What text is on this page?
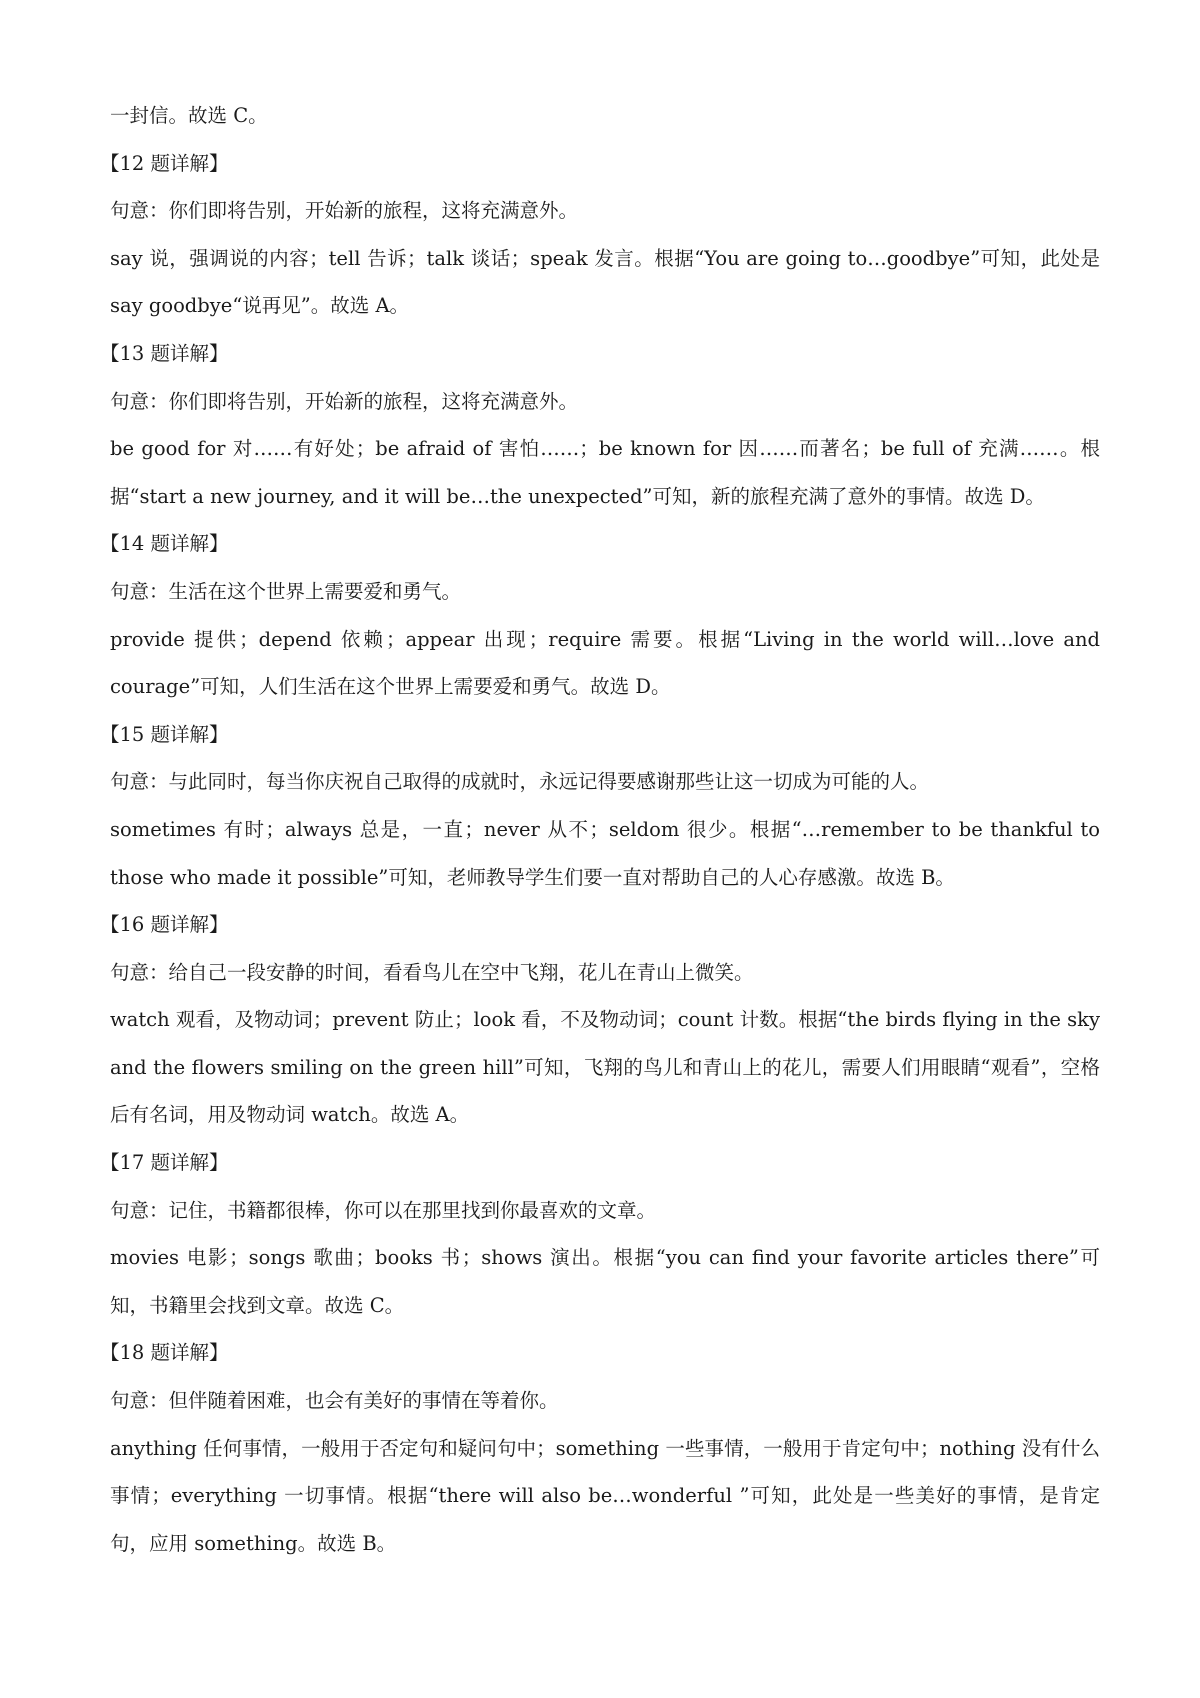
一封信。故选 C。

【12 题详解】

句意：你们即将告别，开始新的旅程，这将充满意外。

say 说，强调说的内容；tell 告诉；talk 谈话；speak 发言。根据“You are going to…goodbye”可知，此处是 say goodbye“说再见”。故选 A。

【13 题详解】

句意：你们即将告别，开始新的旅程，这将充满意外。

be good for 对……有好处；be afraid of 害怕……；be known for 因……而著名；be full of 充满……。根据“start a new journey, and it will be…the unexpected”可知，新的旅程充满了意外的事情。故选 D。

【14 题详解】

句意：生活在这个世界上需要爱和勇气。

provide 提供；depend 依赖；appear 出现；require 需要。根据“Living in the world will…love and courage”可知，人们生活在这个世界上需要爱和勇气。故选 D。

【15 题详解】

句意：与此同时，每当你庆祝自己取得的成就时，永远记得要感谢那些让这一切成为可能的人。

sometimes 有时；always 总是，一直；never 从不；seldom 很少。根据“…remember to be thankful to those who made it possible”可知，老师教导学生们要一直对帮助自己的人心存感激。故选 B。

【16 题详解】

句意：给自己一段安静的时间，看看鸟儿在空中飞翔，花儿在青山上微笑。

watch 观看，及物动词；prevent 防止；look 看，不及物动词；count 计数。根据“the birds flying in the sky and the flowers smiling on the green hill”可知，飞翔的鸟儿和青山上的花儿，需要人们用眼睛“观看”，空格后有名词，用及物动词 watch。故选 A。

【17 题详解】

句意：记住，书籍都很棒，你可以在那里找到你最喜欢的文章。

movies 电影；songs 歌曲；books 书；shows 演出。根据“you can find your favorite articles there”可知，书籍里会找到文章。故选 C。

【18 题详解】

句意：但伴随着困难，也会有美好的事情在等着你。

anything 任何事情，一般用于否定句和疑问句中；something 一些事情，一般用于肯定句中；nothing 没有什么事情；everything 一切事情。根据“there will also be…wonderful ”可知，此处是一些美好的事情，是肯定句，应用 something。故选 B。
